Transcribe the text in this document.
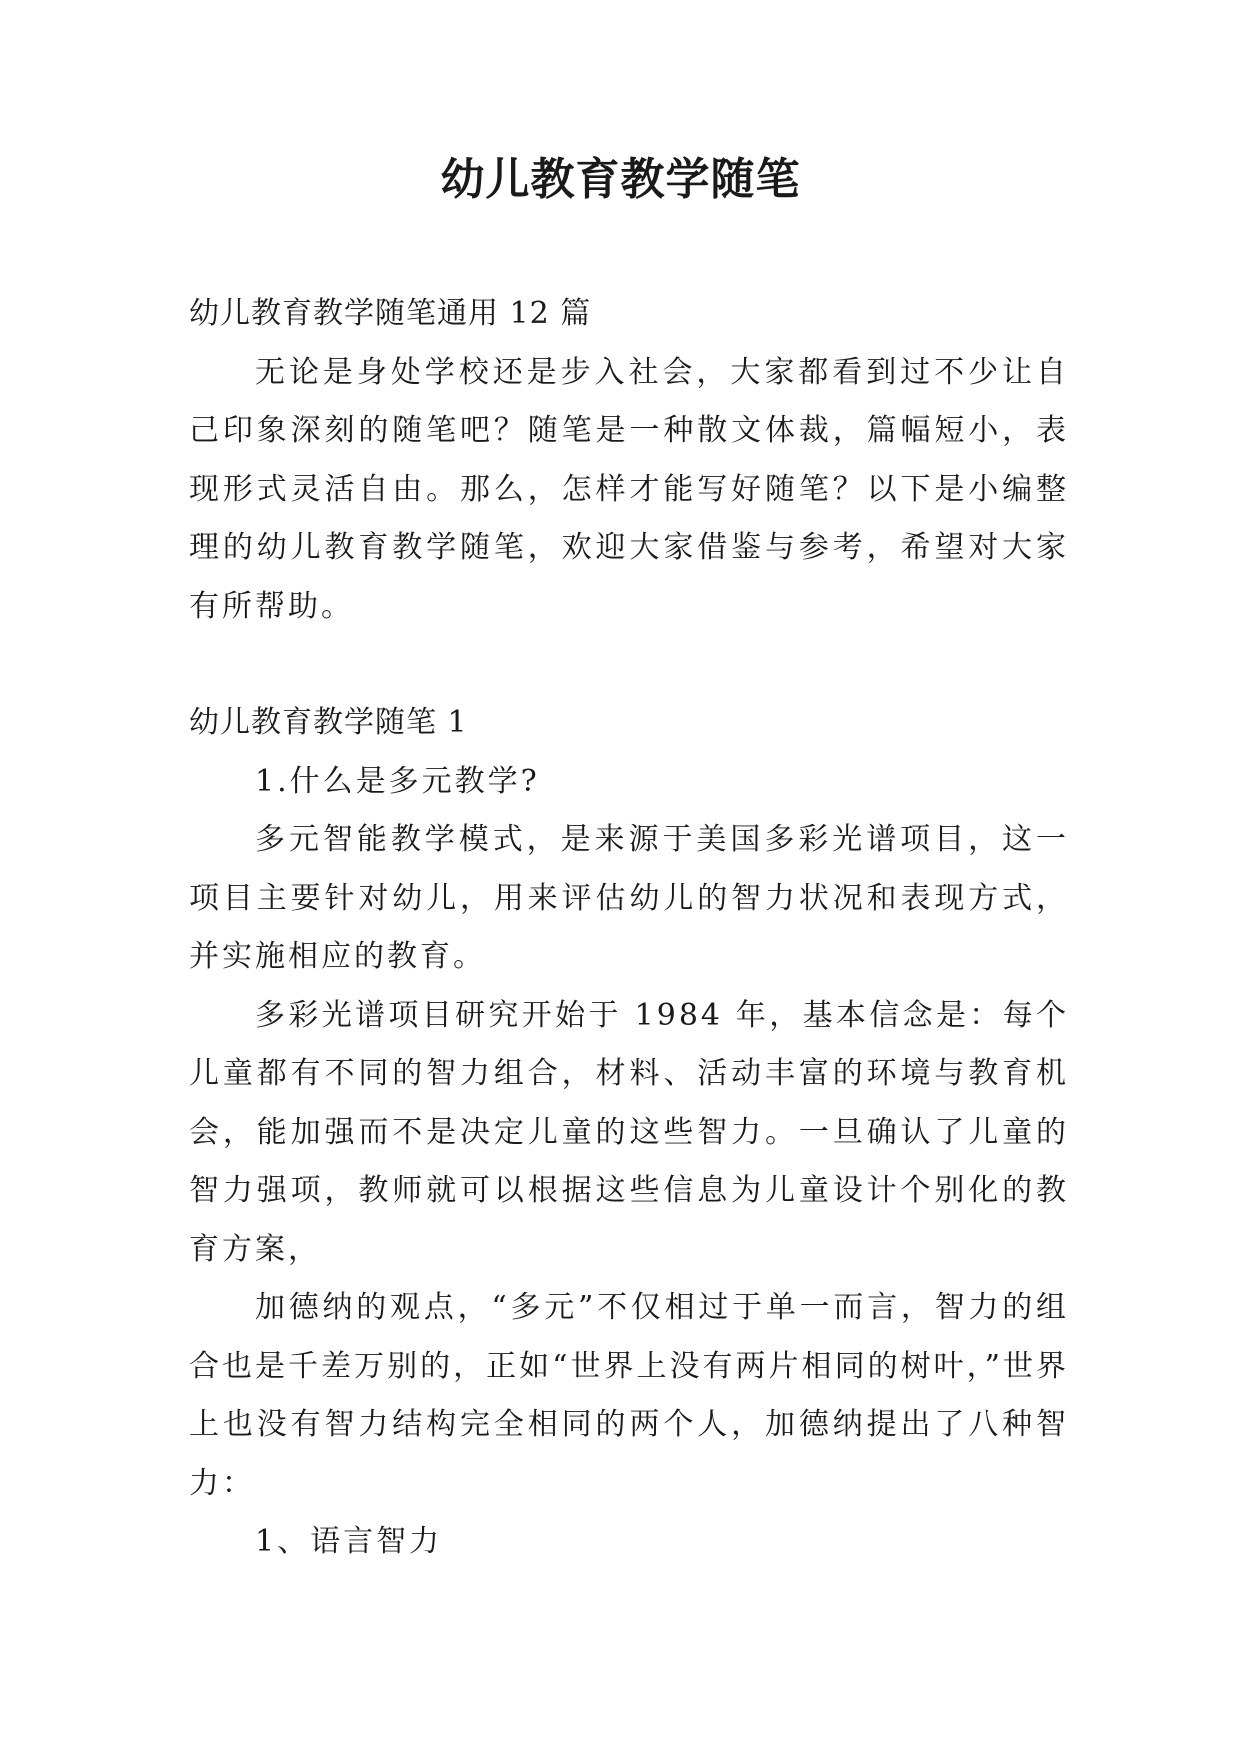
幼儿教育教学随笔

幼儿教育教学随笔通用 12 篇

无论是身处学校还是步入社会，大家都看到过不少让自己印象深刻的随笔吧？随笔是一种散文体裁，篇幅短小，表现形式灵活自由。那么，怎样才能写好随笔？以下是小编整理的幼儿教育教学随笔，欢迎大家借鉴与参考，希望对大家有所帮助。

幼儿教育教学随笔 1

1.什么是多元教学?

多元智能教学模式，是来源于美国多彩光谱项目，这一项目主要针对幼儿，用来评估幼儿的智力状况和表现方式，并实施相应的教育。

多彩光谱项目研究开始于 1984 年，基本信念是：每个儿童都有不同的智力组合，材料、活动丰富的环境与教育机会，能加强而不是决定儿童的这些智力。一旦确认了儿童的智力强项，教师就可以根据这些信息为儿童设计个别化的教育方案，

加德纳的观点，“多元”不仅相过于单一而言，智力的组合也是千差万别的，正如“世界上没有两片相同的树叶，”世界上也没有智力结构完全相同的两个人，加德纳提出了八种智力：

1、语言智力
